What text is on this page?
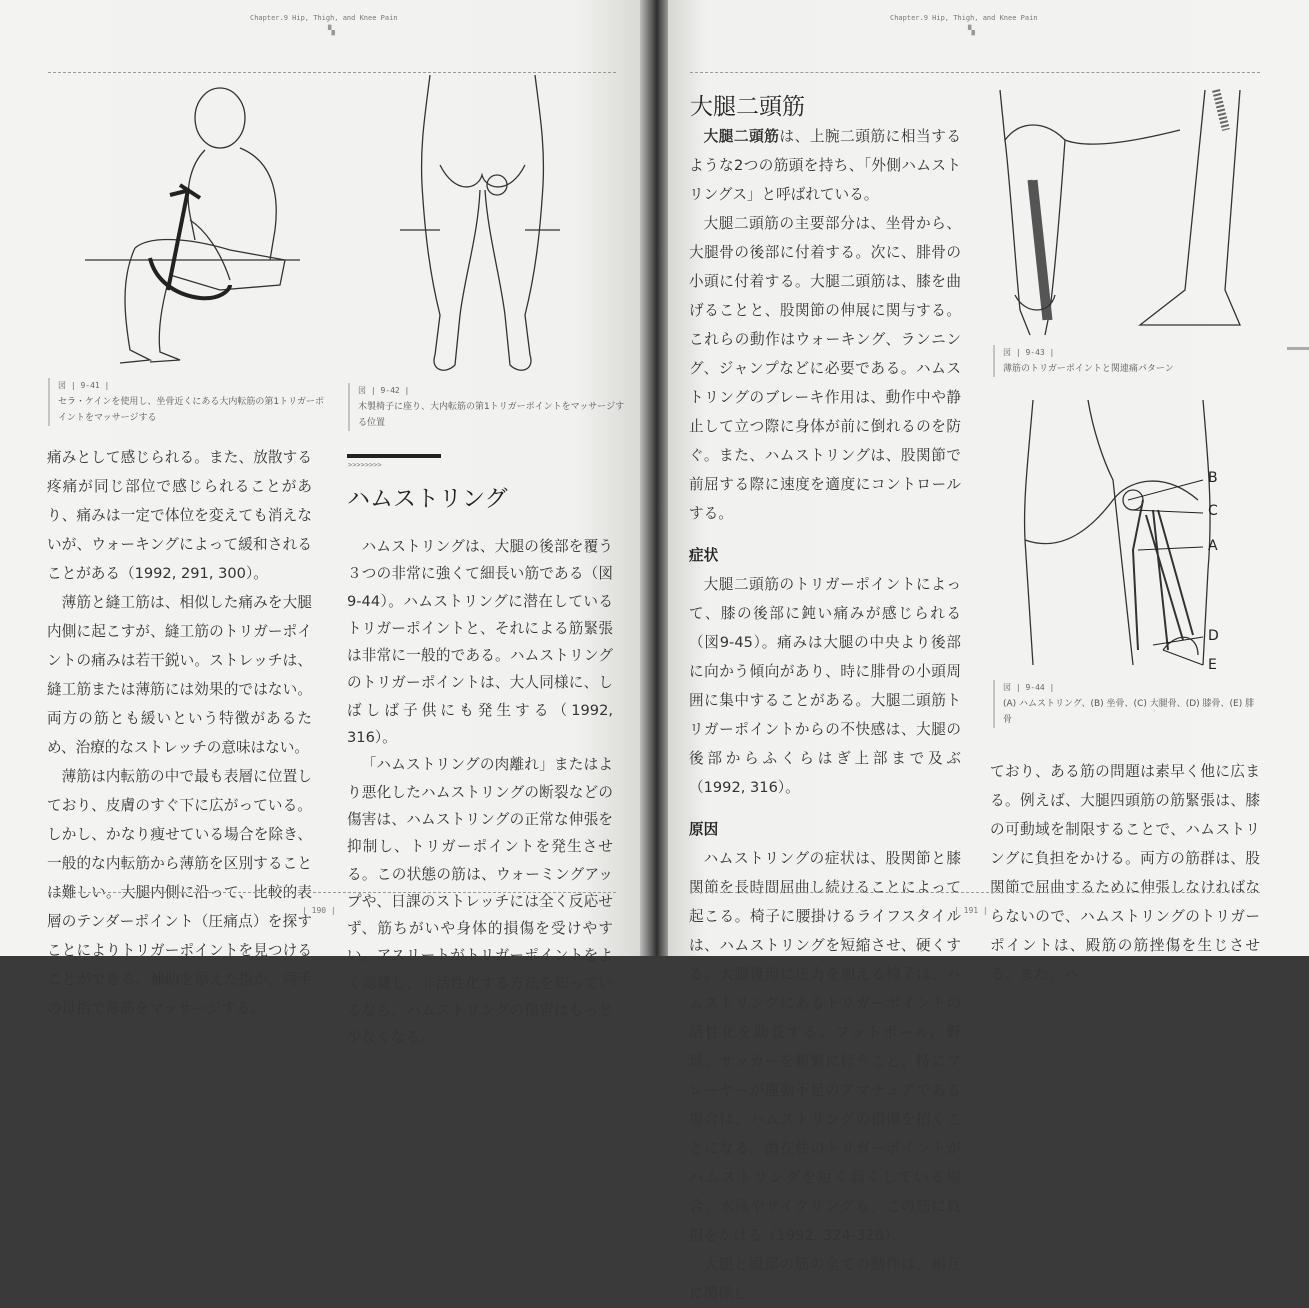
Chapter.9 Hip, Thigh, and Knee Pain
▚
図 | 9-41 |
セラ・ケインを使用し、坐骨近くにある大内転筋の第1トリガーポイントをマッサージする
図 | 9-42 |
木製椅子に座り、大内転筋の第1トリガーポイントをマッサージする位置

痛みとして感じられる。また、放散する疼痛が同じ部位で感じられることがあり、痛みは一定で体位を変えても消えないが、ウォーキングによって緩和されることがある（1992, 291, 300）。

薄筋と縫工筋は、相似した痛みを大腿内側に起こすが、縫工筋のトリガーポイントの痛みは若干鋭い。ストレッチは、縫工筋または薄筋には効果的ではない。両方の筋とも緩いという特徴があるため、治療的なストレッチの意味はない。

薄筋は内転筋の中で最も表層に位置しており、皮膚のすぐ下に広がっている。しかし、かなり痩せている場合を除き、一般的な内転筋から薄筋を区別することは難しい。大腿内側に沿って、比較的表層のテンダーポイント（圧痛点）を探すことによりトリガーポイントを見つけることができる。補助を添えた指か、両手の母指で薄筋をマッサージする。

>>>>>>>>
ハムストリング

ハムストリングは、大腿の後部を覆う３つの非常に強くて細長い筋である（図9-44）。ハムストリングに潜在しているトリガーポイントと、それによる筋緊張は非常に一般的である。ハムストリングのトリガーポイントは、大人同様に、しばしば子供にも発生する（1992, 316）。

「ハムストリングの肉離れ」またはより悪化したハムストリングの断裂などの傷害は、ハムストリングの正常な伸張を抑制し、トリガーポイントを発生させる。この状態の筋は、ウォーミングアップや、日課のストレッチには全く反応せず、筋ちがいや身体的損傷を受けやすい。アスリートがトリガーポイントをよく認識し、非活性化する方法を知っているなら、ハムストリングの傷害はもっと少なくなる。

| 190 |
Chapter.9 Hip, Thigh, and Knee Pain
▚
大腿二頭筋

大腿二頭筋は、上腕二頭筋に相当するような2つの筋頭を持ち、「外側ハムストリングス」と呼ばれている。

大腿二頭筋の主要部分は、坐骨から、大腿骨の後部に付着する。次に、腓骨の小頭に付着する。大腿二頭筋は、膝を曲げることと、股関節の伸展に関与する。これらの動作はウォーキング、ランニング、ジャンプなどに必要である。ハムストリングのブレーキ作用は、動作中や静止して立つ際に身体が前に倒れるのを防ぐ。また、ハムストリングは、股関節で前屈する際に速度を適度にコントロールする。

症状

大腿二頭筋のトリガーポイントによって、膝の後部に鈍い痛みが感じられる（図9-45）。痛みは大腿の中央より後部に向かう傾向があり、時に腓骨の小頭周囲に集中することがある。大腿二頭筋トリガーポイントからの不快感は、大腿の後部からふくらはぎ上部まで及ぶ（1992, 316）。

原因

ハムストリングの症状は、股関節と膝関節を長時間屈曲し続けることによって起こる。椅子に腰掛けるライフスタイルは、ハムストリングを短縮させ、硬くする。大腿後部に圧力を加える椅子は、ハムストリングにあるトリガーポイントの活性化を助長する。フットボール、野球、サッカーを頻繁に行うこと、特にプレーヤーが運動不足のアマチュアである場合は、ハムストリングの損傷を招くことになる。潜在性のトリガーポイントがハムストリングを短く弱くしている場合、水泳やサイクリングも、この筋に負担をかける（1992, 324-326）。

大腿と殿部の筋の全ての動作は、相互に関係し

図 | 9-43 |
薄筋のトリガーポイントと関連痛パターン
B
C
A
D
E
図 | 9-44 |
(A) ハムストリング、(B) 坐骨、(C) 大腿骨、(D) 膝骨、(E) 腓骨

ており、ある筋の問題は素早く他に広まる。例えば、大腿四頭筋の筋緊張は、膝の可動域を制限することで、ハムストリングに負担をかける。両方の筋群は、股関節で屈曲するために伸張しなければならないので、ハムストリングのトリガーポイントは、殿筋の筋挫傷を生じさせる。また、ハ

| 191 |
